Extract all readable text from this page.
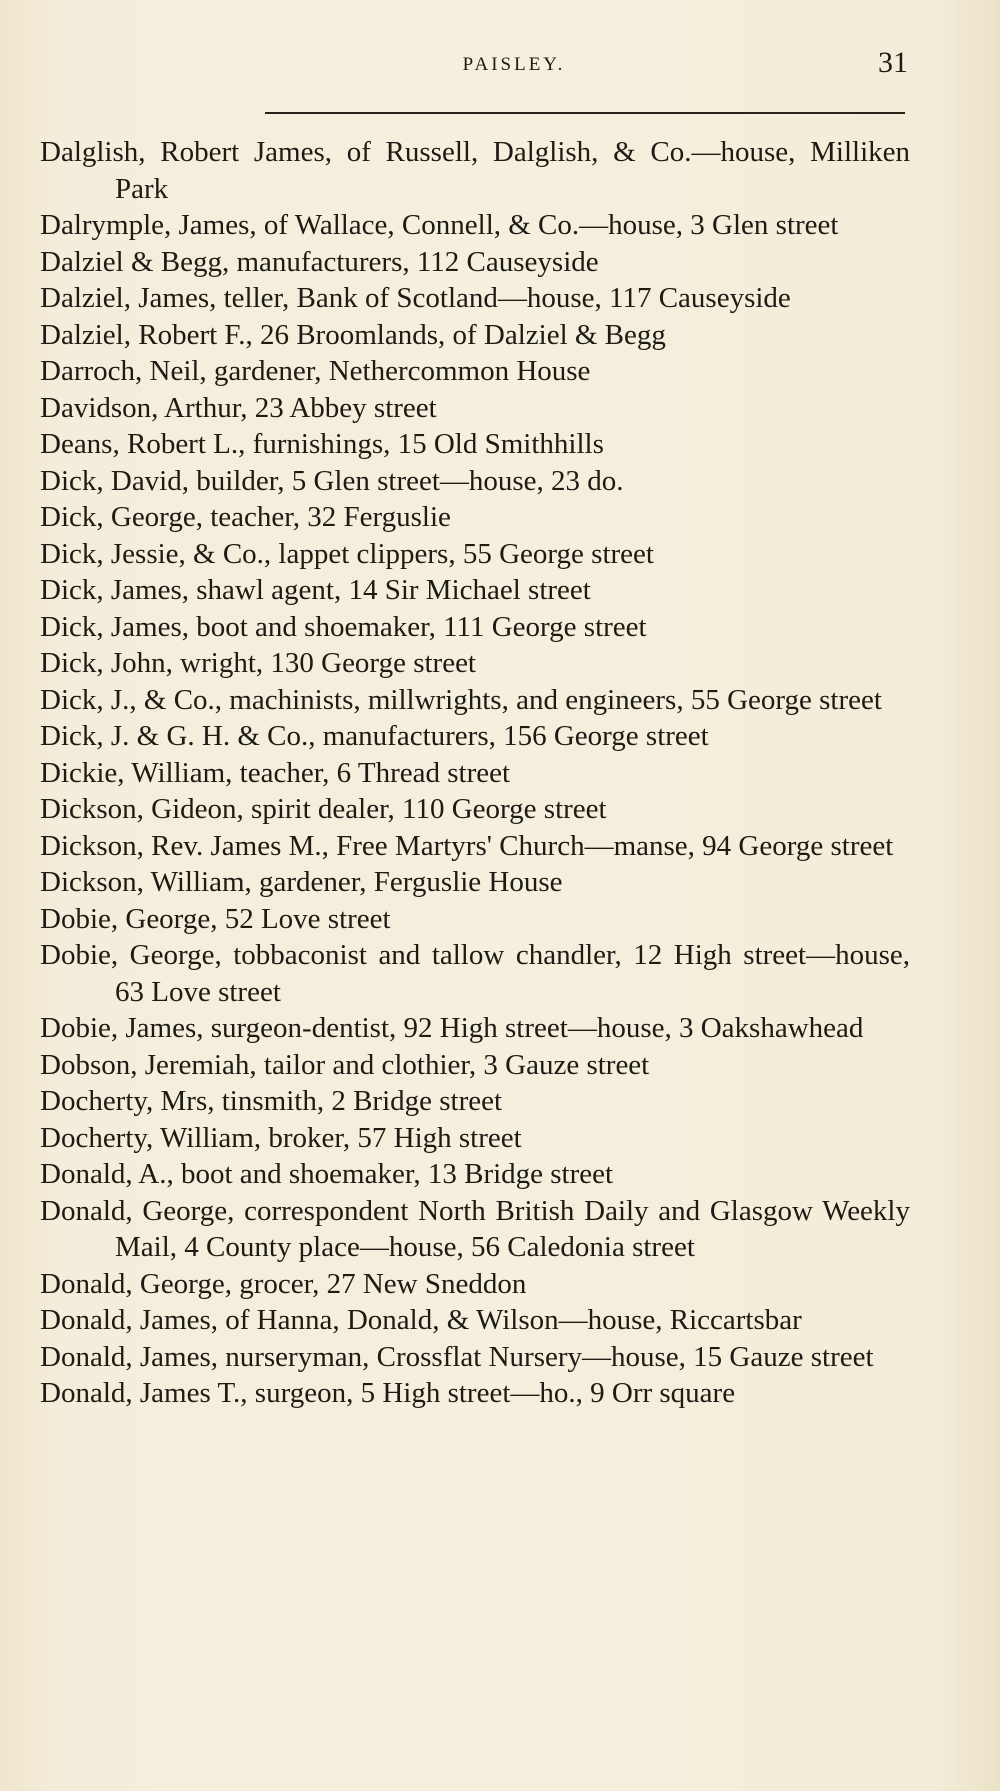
PAISLEY.	31
Dalglish, Robert James, of Russell, Dalglish, & Co.—house, Milliken Park
Dalrymple, James, of Wallace, Connell, & Co.—house, 3 Glen street
Dalziel & Begg, manufacturers, 112 Causeyside
Dalziel, James, teller, Bank of Scotland—house, 117 Causeyside
Dalziel, Robert F., 26 Broomlands, of Dalziel & Begg
Darroch, Neil, gardener, Nethercommon House
Davidson, Arthur, 23 Abbey street
Deans, Robert L., furnishings, 15 Old Smithhills
Dick, David, builder, 5 Glen street—house, 23 do.
Dick, George, teacher, 32 Ferguslie
Dick, Jessie, & Co., lappet clippers, 55 George street
Dick, James, shawl agent, 14 Sir Michael street
Dick, James, boot and shoemaker, 111 George street
Dick, John, wright, 130 George street
Dick, J., & Co., machinists, millwrights, and engineers, 55 George street
Dick, J. & G. H. & Co., manufacturers, 156 George street
Dickie, William, teacher, 6 Thread street
Dickson, Gideon, spirit dealer, 110 George street
Dickson, Rev. James M., Free Martyrs' Church—manse, 94 George street
Dickson, William, gardener, Ferguslie House
Dobie, George, 52 Love street
Dobie, George, tobbaconist and tallow chandler, 12 High street—house, 63 Love street
Dobie, James, surgeon-dentist, 92 High street—house, 3 Oakshawhead
Dobson, Jeremiah, tailor and clothier, 3 Gauze street
Docherty, Mrs, tinsmith, 2 Bridge street
Docherty, William, broker, 57 High street
Donald, A., boot and shoemaker, 13 Bridge street
Donald, George, correspondent North British Daily and Glasgow Weekly Mail, 4 County place—house, 56 Caledonia street
Donald, George, grocer, 27 New Sneddon
Donald, James, of Hanna, Donald, & Wilson—house, Riccartsbar
Donald, James, nurseryman, Crossflat Nursery—house, 15 Gauze street
Donald, James T., surgeon, 5 High street—ho., 9 Orr square
